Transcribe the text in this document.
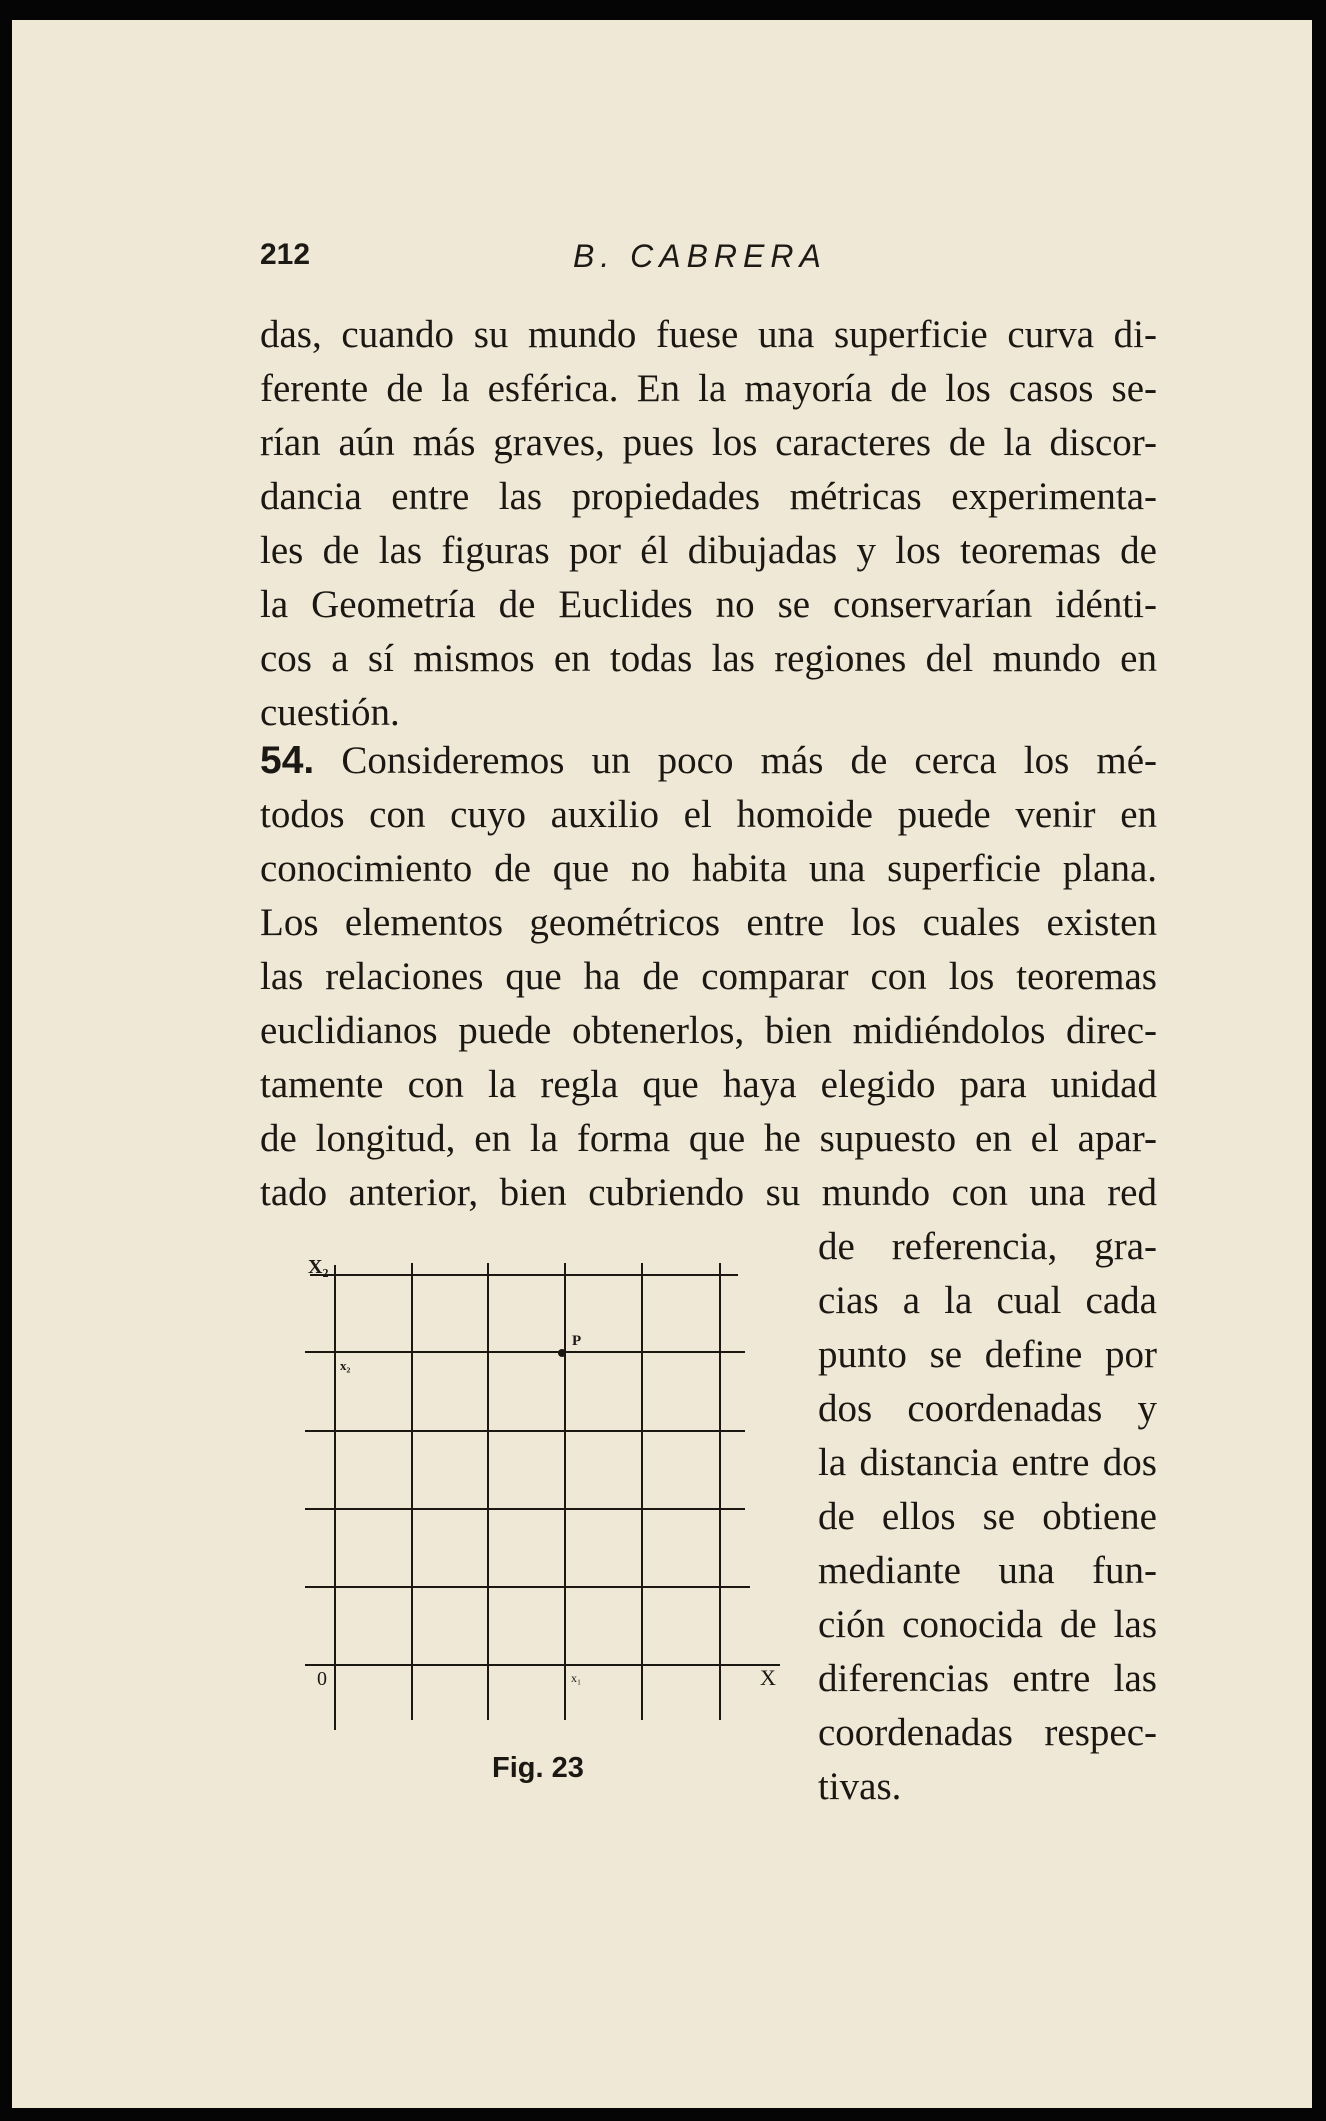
212	B. CABRERA
das, cuando su mundo fuese una superficie curva di-
ferente de la esférica. En la mayoría de los casos se-
rían aún más graves, pues los caracteres de la discor-
dancia entre las propiedades métricas experimenta-
les de las figuras por él dibujadas y los teoremas de
la Geometría de Euclides no se conservarían idénti-
cos a sí mismos en todas las regiones del mundo en
cuestión.
54. Consideremos un poco más de cerca los mé-
todos con cuyo auxilio el homoide puede venir en
conocimiento de que no habita una superficie plana.
Los elementos geométricos entre los cuales existen
las relaciones que ha de comparar con los teoremas
euclidianos puede obtenerlos, bien midiéndolos direc-
tamente con la regla que haya elegido para unidad
de longitud, en la forma que he supuesto en el apar-
tado anterior, bien cubriendo su mundo con una red
de referencia, gra-
cias a la cual cada
punto se define por
dos coordenadas y
la distancia entre dos
de ellos se obtiene
mediante una fun-
ción conocida de las
diferencias entre las
coordenadas respec-
tivas.
X₂
x₂
P
0	x₁	X
Fig. 23
